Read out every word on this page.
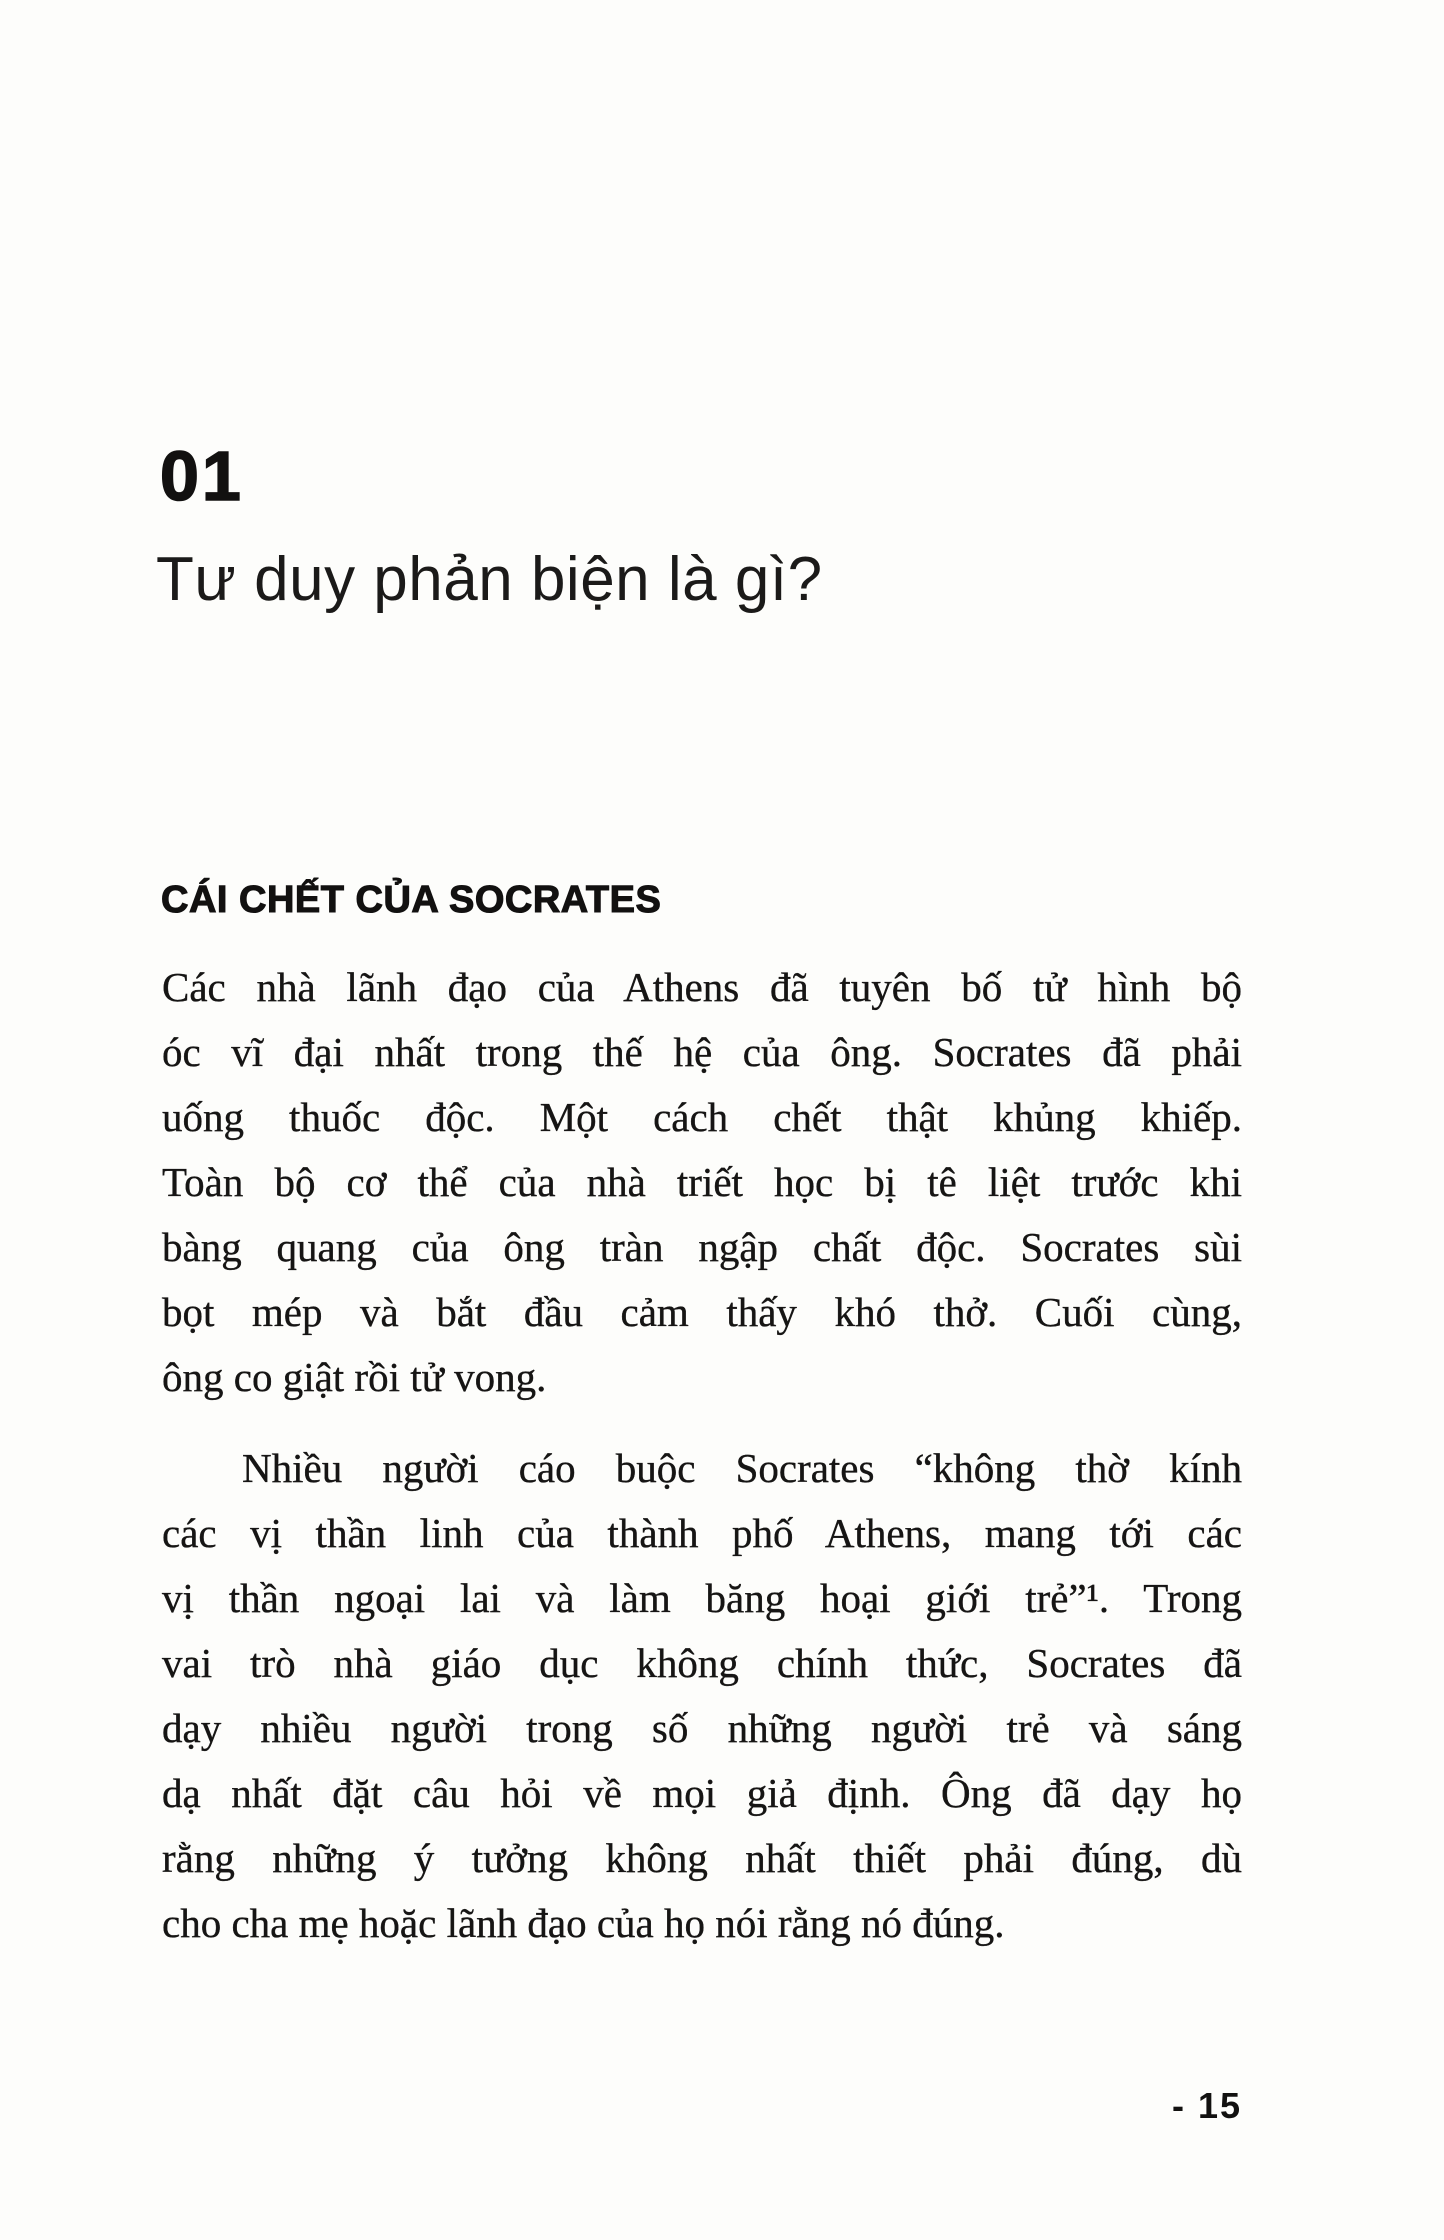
01
Tư duy phản biện là gì?
CÁI CHẾT CỦA SOCRATES
Các nhà lãnh đạo của Athens đã tuyên bố tử hình bộ
óc vĩ đại nhất trong thế hệ của ông. Socrates đã phải
uống thuốc độc. Một cách chết thật khủng khiếp.
Toàn bộ cơ thể của nhà triết học bị tê liệt trước khi
bàng quang của ông tràn ngập chất độc. Socrates sùi
bọt mép và bắt đầu cảm thấy khó thở. Cuối cùng,
ông co giật rồi tử vong.
Nhiều người cáo buộc Socrates “không thờ kính
các vị thần linh của thành phố Athens, mang tới các
vị thần ngoại lai và làm băng hoại giới trẻ”¹. Trong
vai trò nhà giáo dục không chính thức, Socrates đã
dạy nhiều người trong số những người trẻ và sáng
dạ nhất đặt câu hỏi về mọi giả định. Ông đã dạy họ
rằng những ý tưởng không nhất thiết phải đúng, dù
cho cha mẹ hoặc lãnh đạo của họ nói rằng nó đúng.
- 15
